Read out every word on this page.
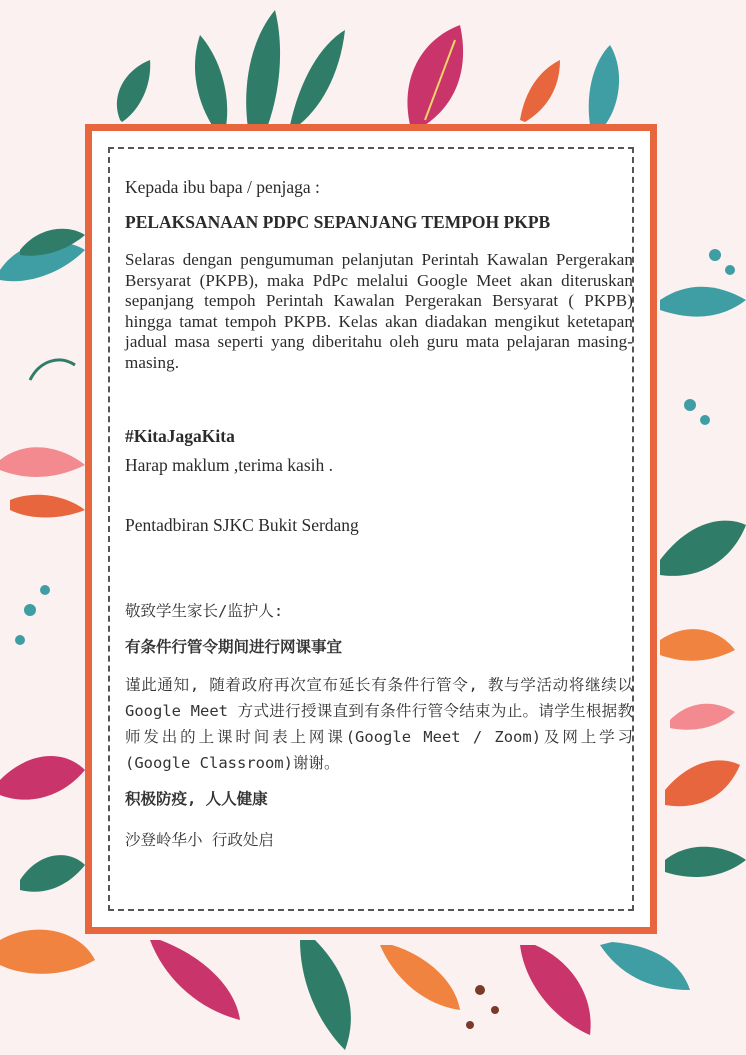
Kepada ibu bapa / penjaga :

PELAKSANAAN PDPC SEPANJANG TEMPOH PKPB

Selaras dengan pengumuman pelanjutan Perintah Kawalan Pergerakan Bersyarat (PKPB), maka PdPc melalui Google Meet akan diteruskan sepanjang tempoh Perintah Kawalan Pergerakan Bersyarat ( PKPB) hingga tamat tempoh PKPB. Kelas akan diadakan mengikut ketetapan jadual masa seperti yang diberitahu oleh guru mata pelajaran masing- masing.

#KitaJagaKita

Harap maklum ,terima kasih .

Pentadbiran SJKC Bukit Serdang

敬致学生家长/监护人:

有条件行管令期间进行网课事宜

谨此通知, 随着政府再次宣布延长有条件行管令, 教与学活动将继续以Google Meet 方式进行授课直到有条件行管令结束为止。请学生根据教师发出的上课时间表上网课(Google Meet / Zoom)及网上学习(Google Classroom)谢谢。

积极防疫, 人人健康

沙登岭华小 行政处启
